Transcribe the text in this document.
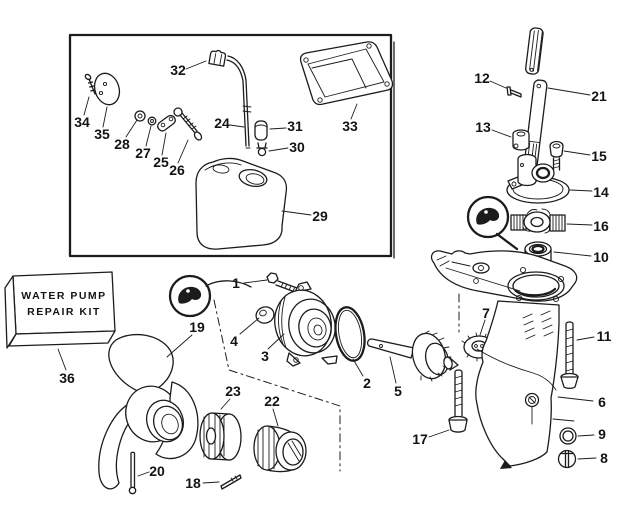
WATER PUMP
REPAIR KIT
1
2
3
4
5
6
7
8
9
10
11
12
13
14
15
16
17
18
19
20
21
22
23
24
25 26
27
28
29
30
31
32
33
34
35
36
